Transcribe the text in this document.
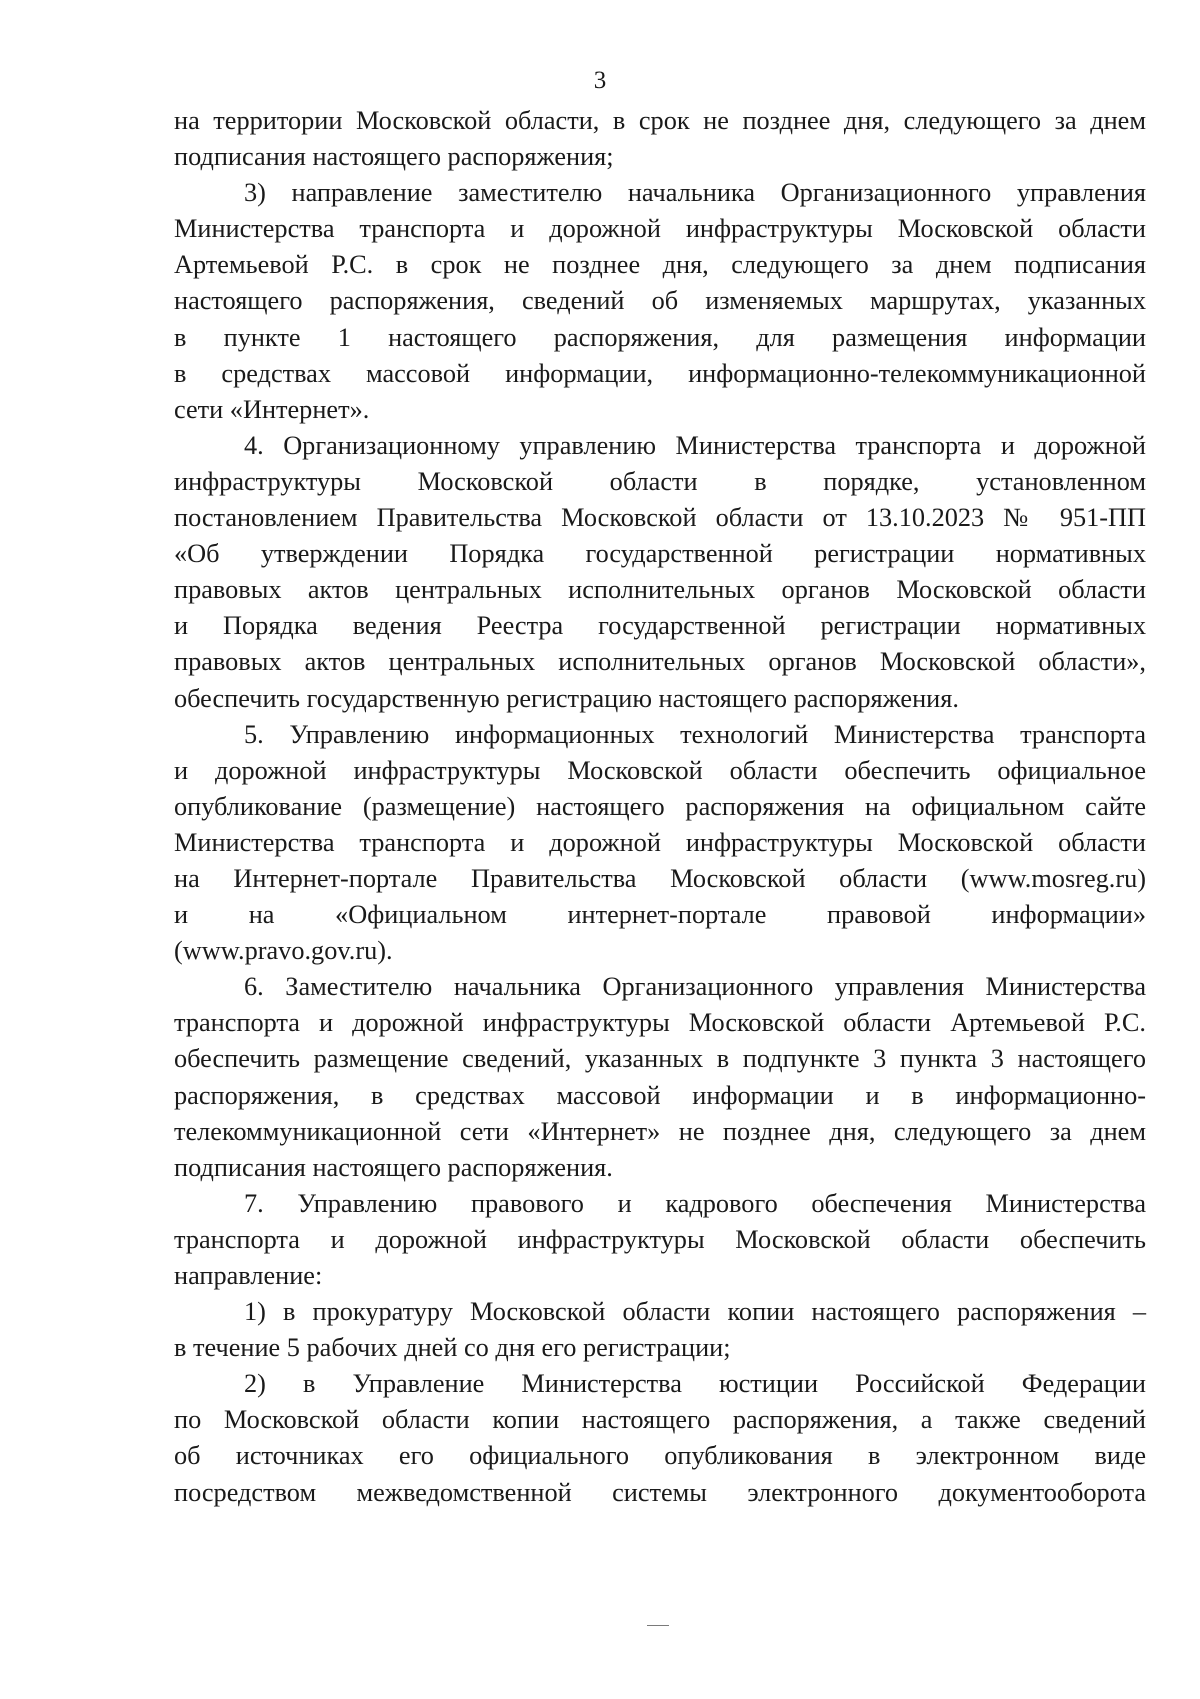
3
на территории Московской области, в срок не позднее дня, следующего за днем
подписания настоящего распоряжения;
3) направление заместителю начальника Организационного управления
Министерства транспорта и дорожной инфраструктуры Московской области
Артемьевой Р.С. в срок не позднее дня, следующего за днем подписания
настоящего распоряжения, сведений об изменяемых маршрутах, указанных
в пункте 1 настоящего распоряжения, для размещения информации
в средствах массовой информации, информационно-телекоммуникационной
сети «Интернет».
4. Организационному управлению Министерства транспорта и дорожной
инфраструктуры Московской области в порядке, установленном
постановлением Правительства Московской области от 13.10.2023 № 951-ПП
«Об утверждении Порядка государственной регистрации нормативных
правовых актов центральных исполнительных органов Московской области
и Порядка ведения Реестра государственной регистрации нормативных
правовых актов центральных исполнительных органов Московской области»,
обеспечить государственную регистрацию настоящего распоряжения.
5. Управлению информационных технологий Министерства транспорта
и дорожной инфраструктуры Московской области обеспечить официальное
опубликование (размещение) настоящего распоряжения на официальном сайте
Министерства транспорта и дорожной инфраструктуры Московской области
на Интернет-портале Правительства Московской области (www.mosreg.ru)
и на «Официальном интернет-портале правовой информации»
(www.pravo.gov.ru).
6. Заместителю начальника Организационного управления Министерства
транспорта и дорожной инфраструктуры Московской области Артемьевой Р.С.
обеспечить размещение сведений, указанных в подпункте 3 пункта 3 настоящего
распоряжения, в средствах массовой информации и в информационно-
телекоммуникационной сети «Интернет» не позднее дня, следующего за днем
подписания настоящего распоряжения.
7. Управлению правового и кадрового обеспечения Министерства
транспорта и дорожной инфраструктуры Московской области обеспечить
направление:
1) в прокуратуру Московской области копии настоящего распоряжения –
в течение 5 рабочих дней со дня его регистрации;
2) в Управление Министерства юстиции Российской Федерации
по Московской области копии настоящего распоряжения, а также сведений
об источниках его официального опубликования в электронном виде
посредством межведомственной системы электронного документооборота
